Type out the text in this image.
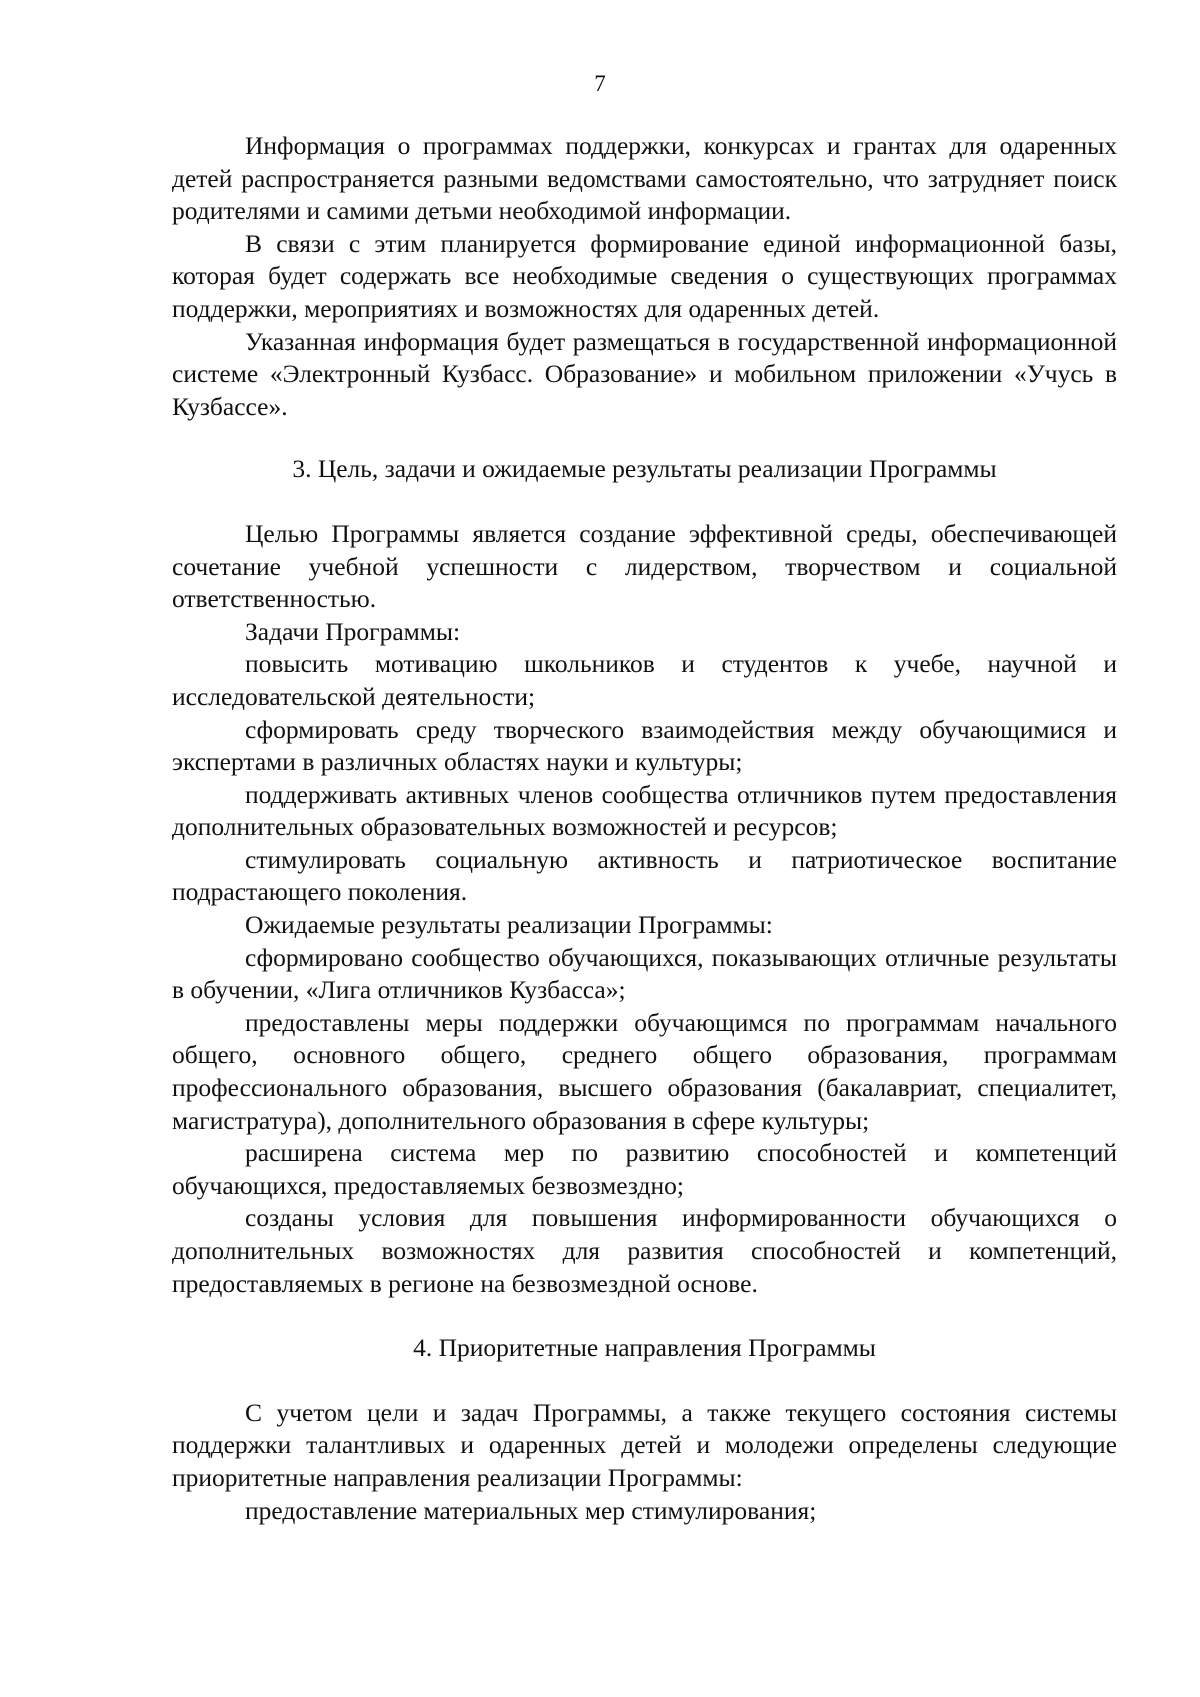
7

Информация о программах поддержки, конкурсах и грантах для одаренных детей распространяется разными ведомствами самостоятельно, что затрудняет поиск родителями и самими детьми необходимой информации.

В связи с этим планируется формирование единой информационной базы, которая будет содержать все необходимые сведения о существующих программах поддержки, мероприятиях и возможностях для одаренных детей.

Указанная информация будет размещаться в государственной информационной системе «Электронный Кузбасс. Образование» и мобильном приложении «Учусь в Кузбассе».

3. Цель, задачи и ожидаемые результаты реализации Программы

Целью Программы является создание эффективной среды, обеспечивающей сочетание учебной успешности с лидерством, творчеством и социальной ответственностью.

Задачи Программы:

повысить мотивацию школьников и студентов к учебе, научной и исследовательской деятельности;

сформировать среду творческого взаимодействия между обучающимися и экспертами в различных областях науки и культуры;

поддерживать активных членов сообщества отличников путем предоставления дополнительных образовательных возможностей и ресурсов;

стимулировать социальную активность и патриотическое воспитание подрастающего поколения.

Ожидаемые результаты реализации Программы:

сформировано сообщество обучающихся, показывающих отличные результаты в обучении, «Лига отличников Кузбасса»;

предоставлены меры поддержки обучающимся по программам начального общего, основного общего, среднего общего образования, программам профессионального образования, высшего образования (бакалавриат, специалитет, магистратура), дополнительного образования в сфере культуры;

расширена система мер по развитию способностей и компетенций обучающихся, предоставляемых безвозмездно;

созданы условия для повышения информированности обучающихся о дополнительных возможностях для развития способностей и компетенций, предоставляемых в регионе на безвозмездной основе.

4. Приоритетные направления Программы

С учетом цели и задач Программы, а также текущего состояния системы поддержки талантливых и одаренных детей и молодежи определены следующие приоритетные направления реализации Программы:

предоставление материальных мер стимулирования;
